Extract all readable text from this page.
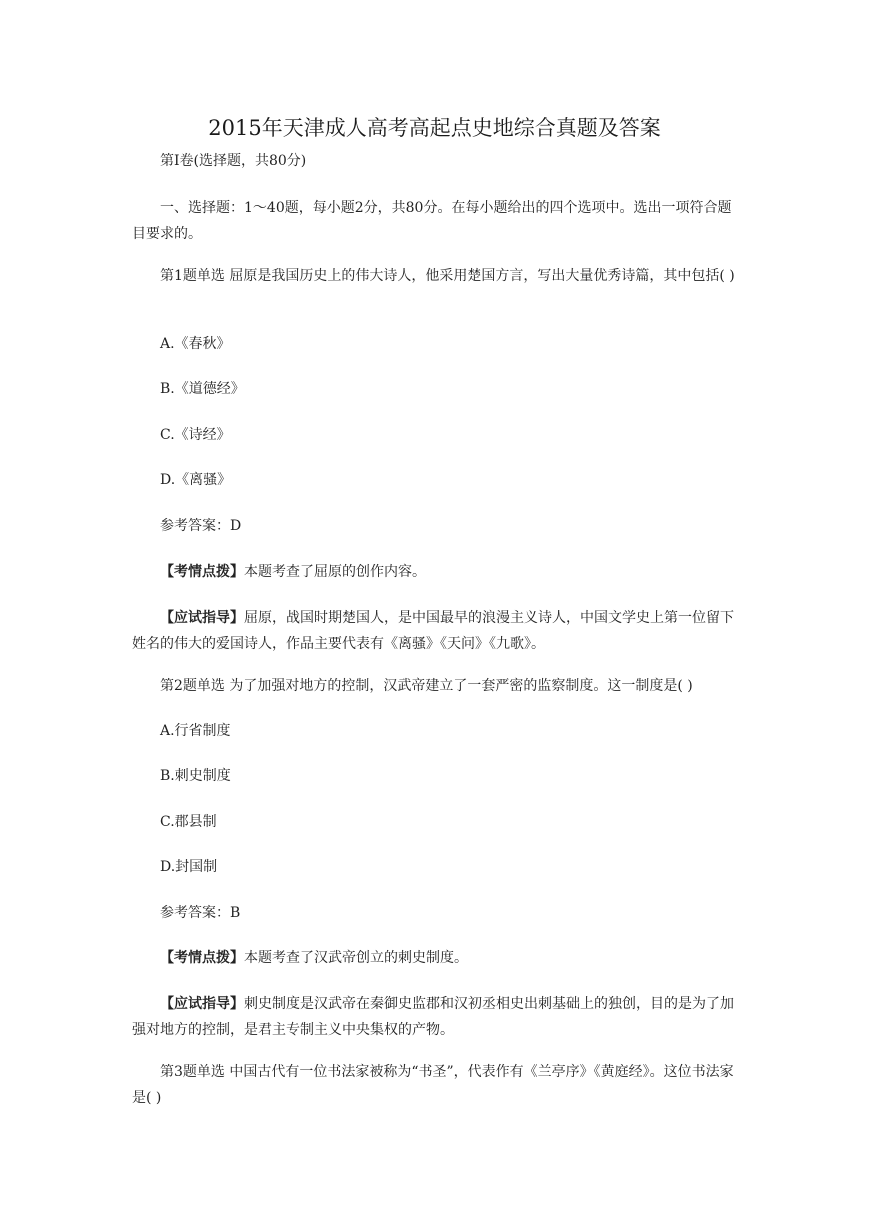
2015年天津成人高考高起点史地综合真题及答案
第Ⅰ卷(选择题，共80分)
一、选择题：1～40题，每小题2分，共80分。在每小题给出的四个选项中。选出一项符合题目要求的。
第1题单选 屈原是我国历史上的伟大诗人，他采用楚国方言，写出大量优秀诗篇，其中包括( )
A.《春秋》
B.《道德经》
C.《诗经》
D.《离骚》
参考答案：D
【考情点拨】本题考查了屈原的创作内容。
【应试指导】屈原，战国时期楚国人，是中国最早的浪漫主义诗人，中国文学史上第一位留下姓名的伟大的爱国诗人，作品主要代表有《离骚》《天问》《九歌》。
第2题单选 为了加强对地方的控制，汉武帝建立了一套严密的监察制度。这一制度是( )
A.行省制度
B.刺史制度
C.郡县制
D.封国制
参考答案：B
【考情点拨】本题考查了汉武帝创立的刺史制度。
【应试指导】刺史制度是汉武帝在秦御史监郡和汉初丞相史出刺基础上的独创，目的是为了加强对地方的控制，是君主专制主义中央集权的产物。
第3题单选 中国古代有一位书法家被称为“书圣”，代表作有《兰亭序》《黄庭经》。这位书法家是( )
